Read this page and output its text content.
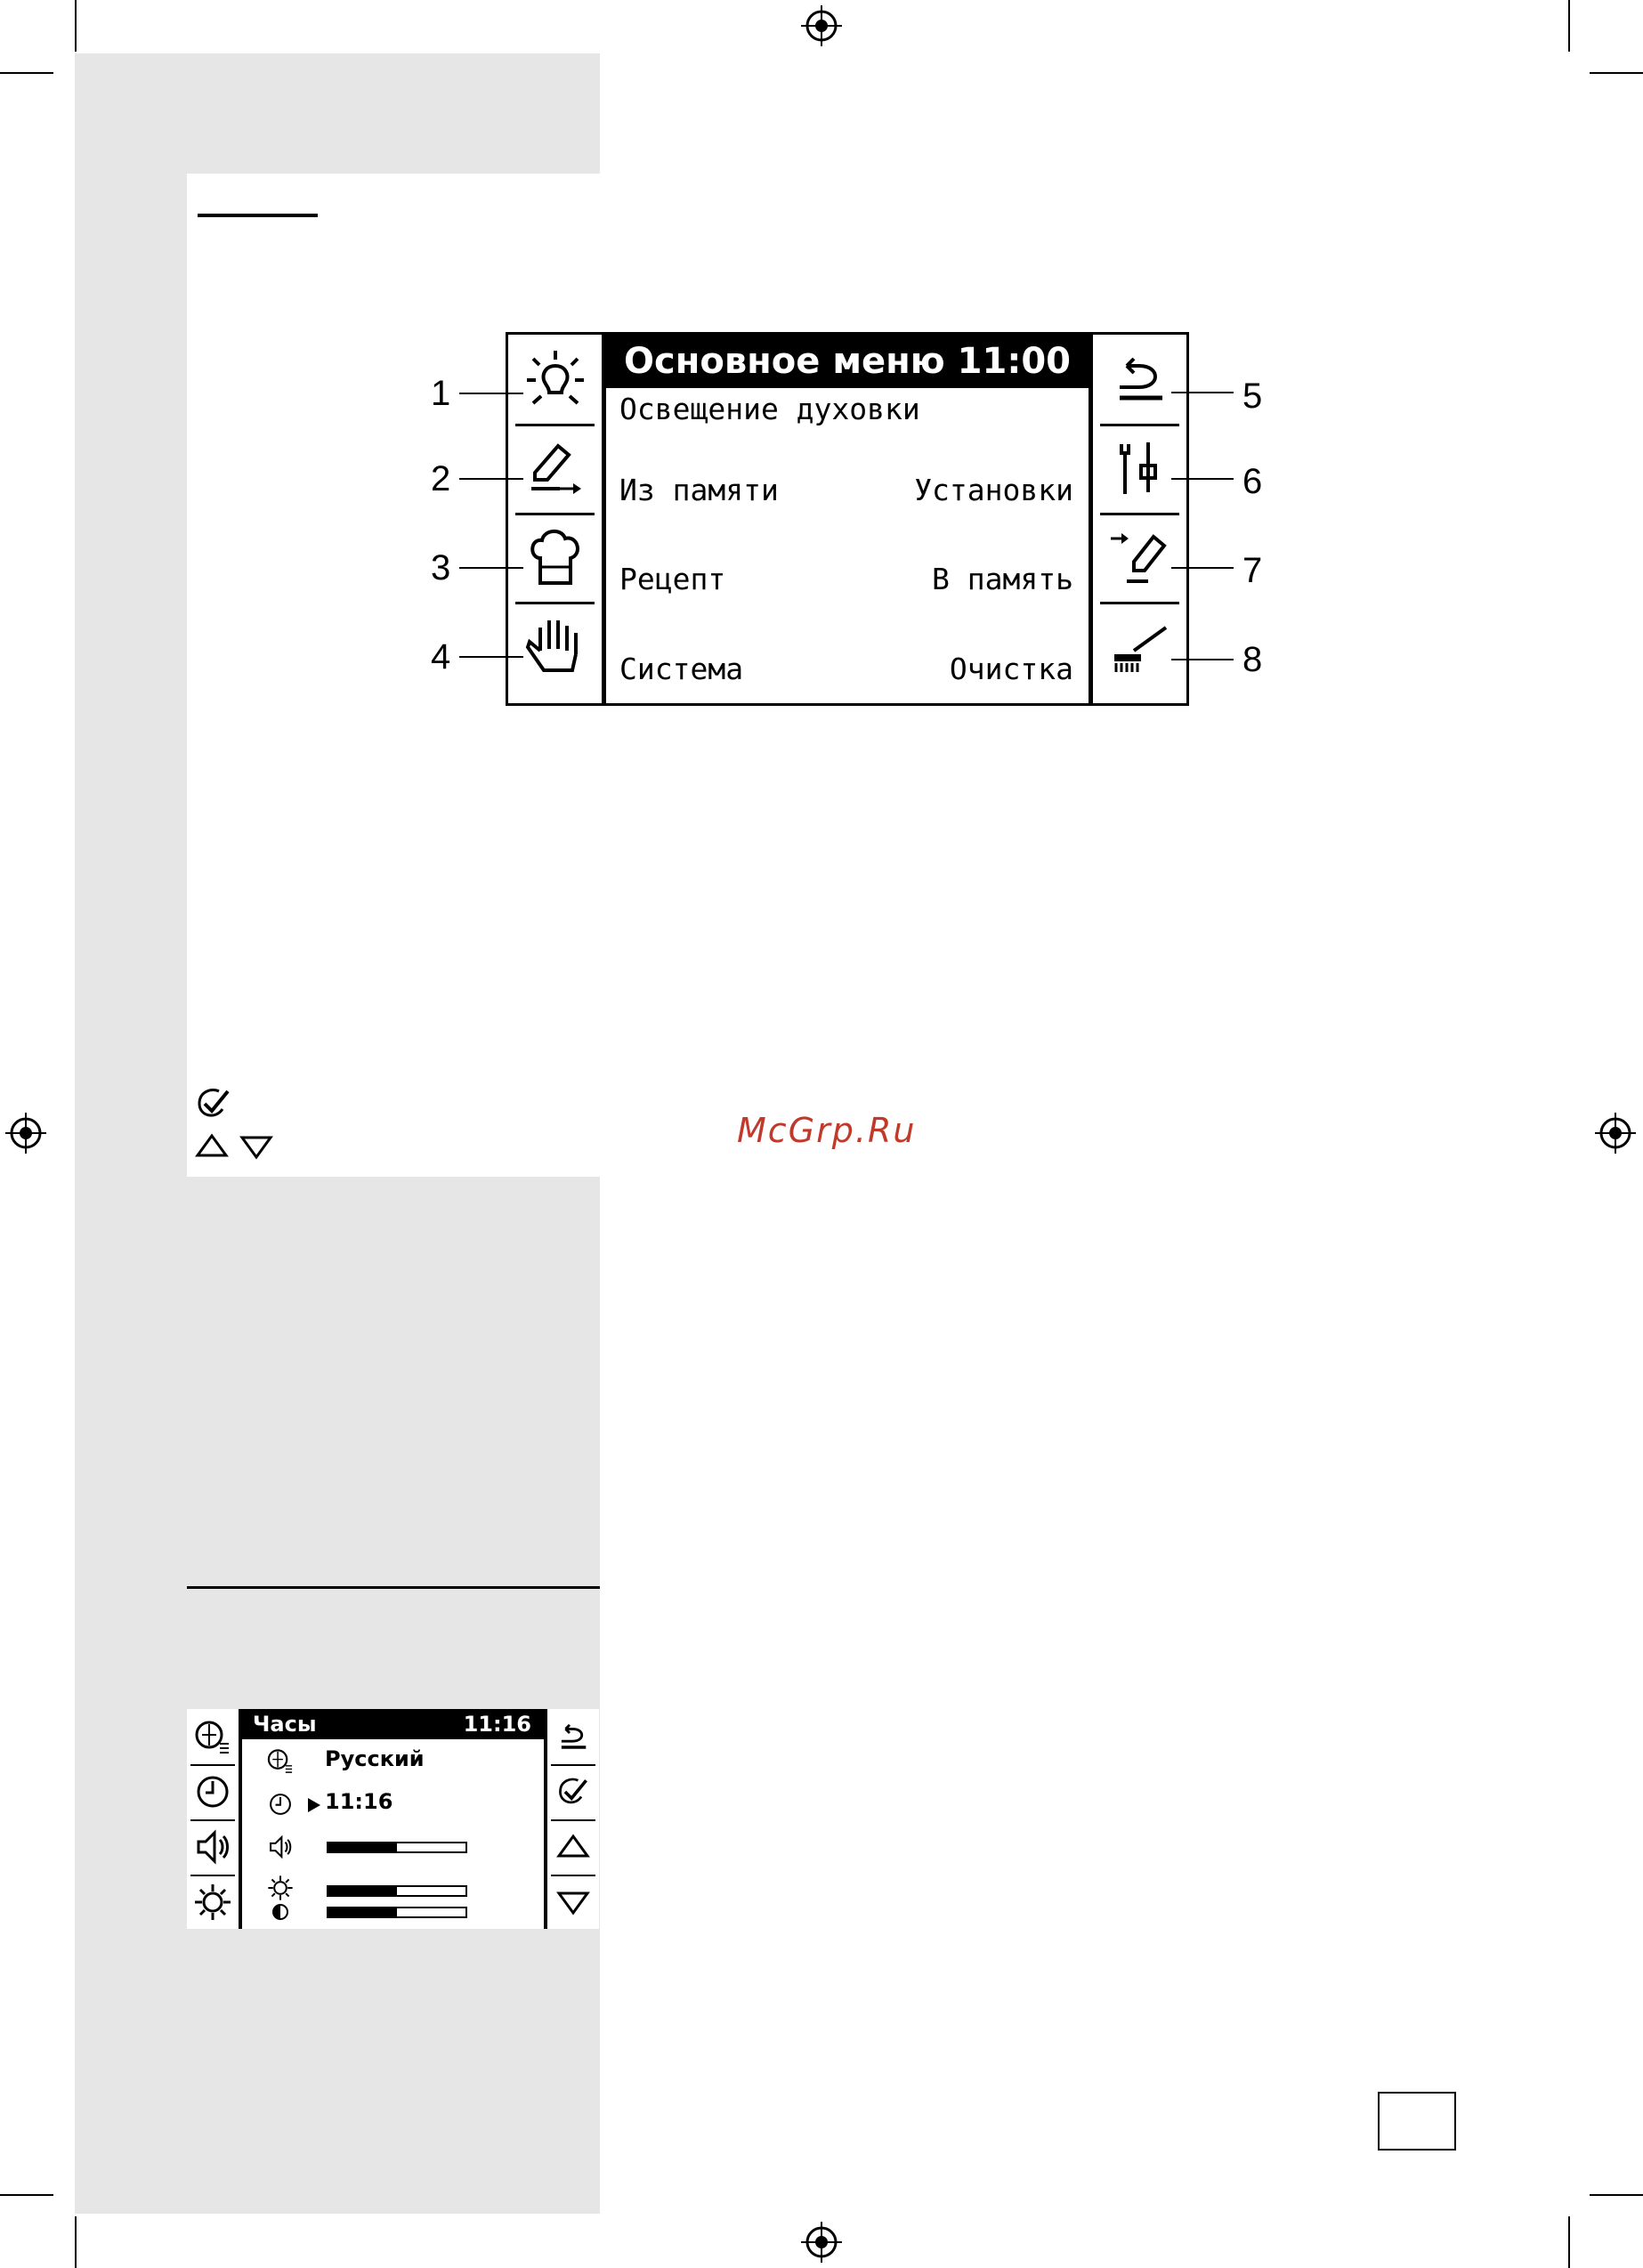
Основное меню 11:00
Освещение духовки
Из памяти
Рецепт
Система
Установки
В память
Очистка
1
2
3
4
5
6
7
8
McGrp.Ru
Часы	11:16
Русский
11:16
